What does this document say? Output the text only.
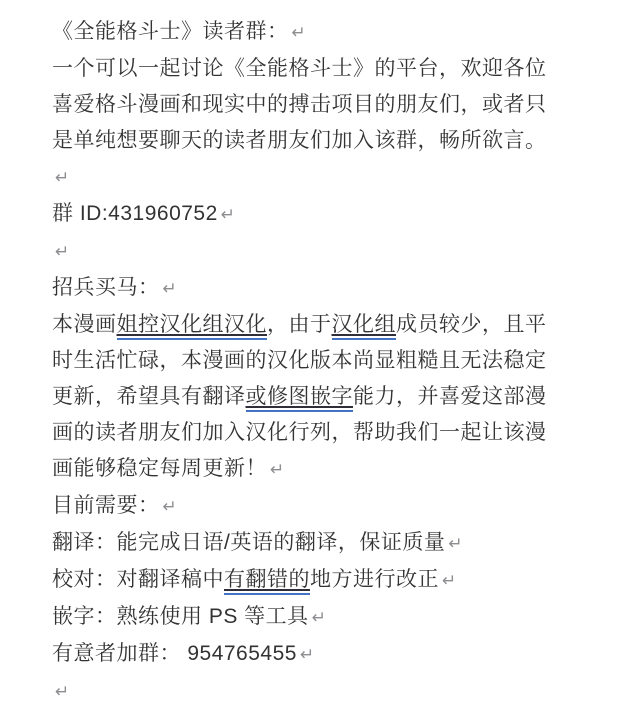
《全能格斗士》读者群： ↵

一个可以一起讨论《全能格斗士》的平台，欢迎各位喜爱格斗漫画和现实中的搏击项目的朋友们，或者只是单纯想要聊天的读者朋友们加入该群，畅所欲言。↵

群 ID:431960752 ↵

↵

招兵买马： ↵

本漫画姐控汉化组汉化，由于汉化组成员较少，且平时生活忙碌，本漫画的汉化版本尚显粗糙且无法稳定更新，希望具有翻译或修图嵌字能力，并喜爱这部漫画的读者朋友们加入汉化行列，帮助我们一起让该漫画能够稳定每周更新！ ↵

目前需要： ↵

翻译：能完成日语/英语的翻译，保证质量 ↵

校对：对翻译稿中有翻错的地方进行改正 ↵

嵌字：熟练使用 PS 等工具 ↵

有意者加群： 954765455 ↵

↵
